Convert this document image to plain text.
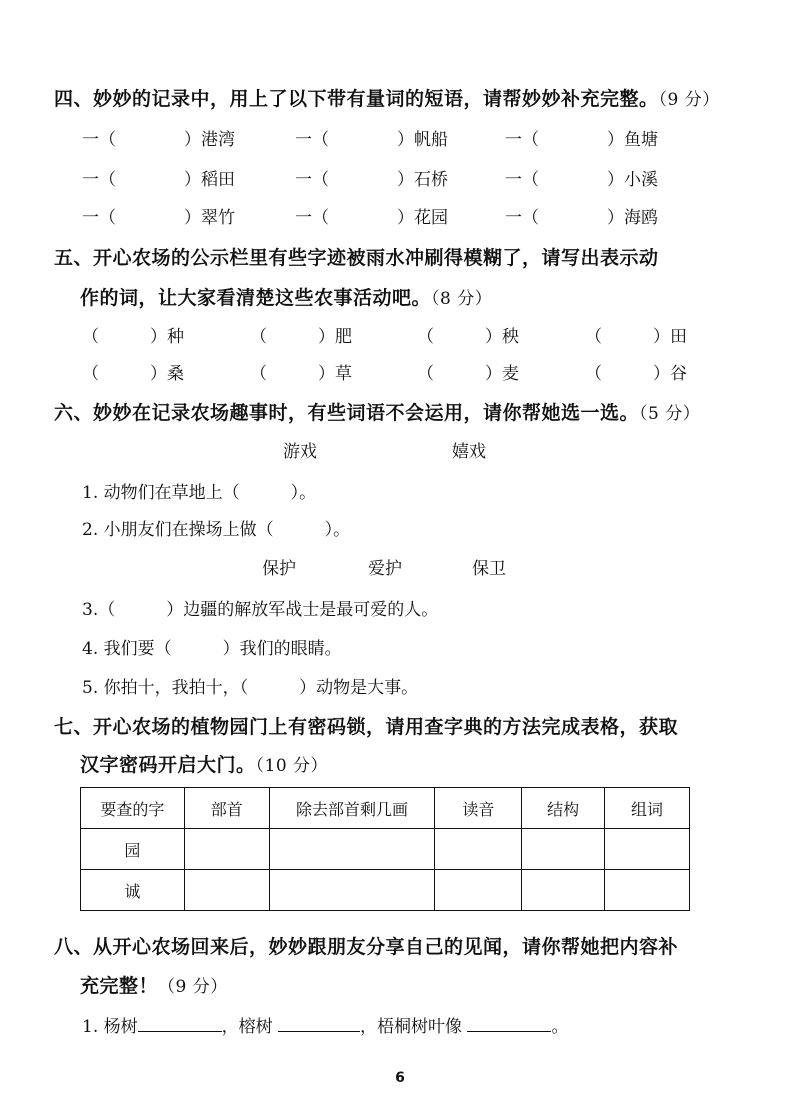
四、妙妙的记录中，用上了以下带有量词的短语，请帮妙妙补充完整。（9 分）
一（　　　　）港湾	一（　　　　）帆船	一（　　　　）鱼塘
一（　　　　）稻田	一（　　　　）石桥	一（　　　　）小溪
一（　　　　）翠竹	一（　　　　）花园	一（　　　　）海鸥
五、开心农场的公示栏里有些字迹被雨水冲刷得模糊了，请写出表示动
作的词，让大家看清楚这些农事活动吧。（8 分）
（　　　）种	（　　　）肥	（　　　）秧	（　　　）田
（　　　）桑	（　　　）草	（　　　）麦	（　　　）谷
六、妙妙在记录农场趣事时，有些词语不会运用，请你帮她选一选。（5 分）
游戏	嬉戏
1. 动物们在草地上（　　　）。
2. 小朋友们在操场上做（　　　）。
保护	爱护	保卫
3.（　　　）边疆的解放军战士是最可爱的人。
4. 我们要（　　　）我们的眼睛。
5. 你拍十，我拍十，（　　　）动物是大事。
七、开心农场的植物园门上有密码锁，请用查字典的方法完成表格，获取
汉字密码开启大门。（10 分）
要查的字	部首	除去部首剩几画	读音	结构	组词
园					
诚					
八、从开心农场回来后，妙妙跟朋友分享自己的见闻，请你帮她把内容补
充完整！（9 分）
1. 杨树	，榕树	，梧桐树叶像	。
6
